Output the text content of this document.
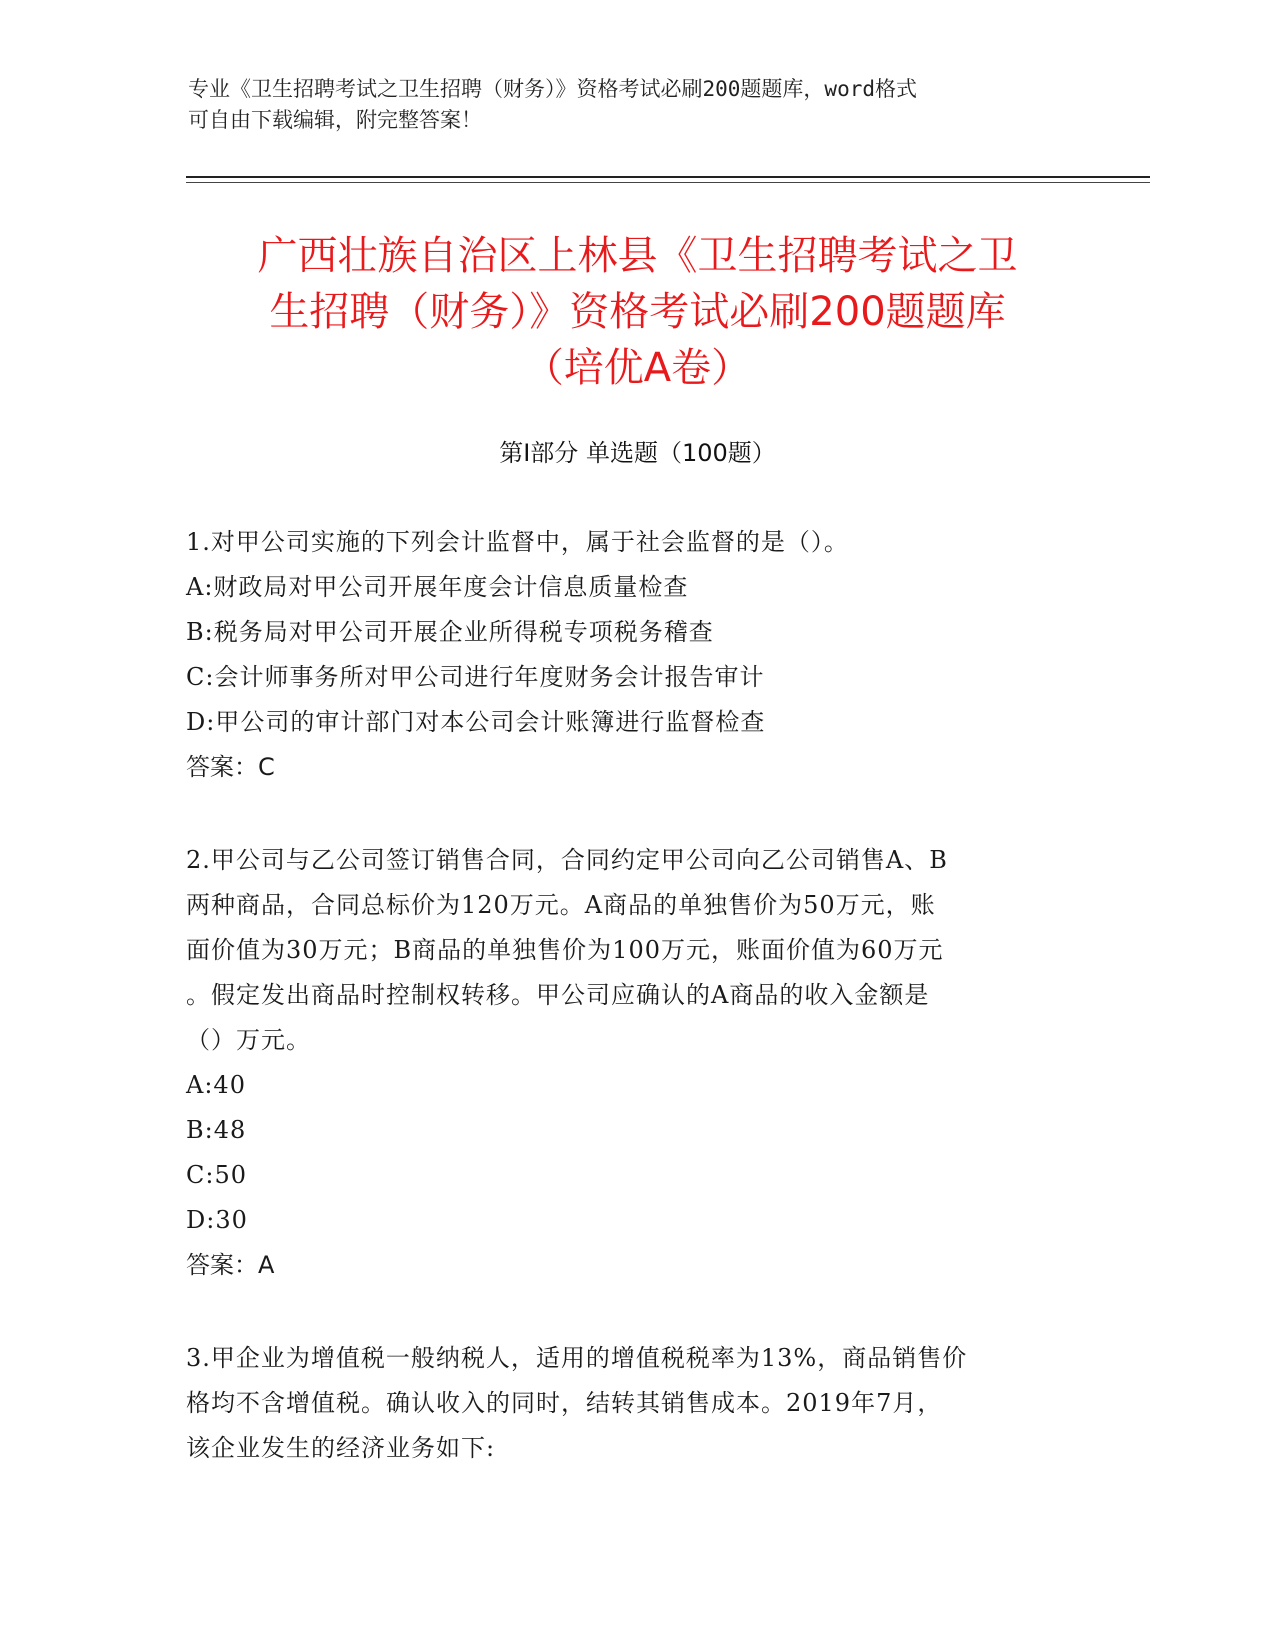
专业《卫生招聘考试之卫生招聘（财务）》资格考试必刷200题题库，word格式
可自由下载编辑，附完整答案！
广西壮族自治区上林县《卫生招聘考试之卫
生招聘（财务）》资格考试必刷200题题库
（培优A卷）
第Ⅰ部分 单选题（100题）
1.对甲公司实施的下列会计监督中，属于社会监督的是（）。
A:财政局对甲公司开展年度会计信息质量检查
B:税务局对甲公司开展企业所得税专项税务稽查
C:会计师事务所对甲公司进行年度财务会计报告审计
D:甲公司的审计部门对本公司会计账簿进行监督检查
答案：C
2.甲公司与乙公司签订销售合同，合同约定甲公司向乙公司销售A、B
两种商品，合同总标价为120万元。A商品的单独售价为50万元，账
面价值为30万元；B商品的单独售价为100万元，账面价值为60万元
。假定发出商品时控制权转移。甲公司应确认的A商品的收入金额是
（）万元。
A:40
B:48
C:50
D:30
答案：A
3.甲企业为增值税一般纳税人，适用的增值税税率为13%，商品销售价
格均不含增值税。确认收入的同时，结转其销售成本。2019年7月，
该企业发生的经济业务如下:
